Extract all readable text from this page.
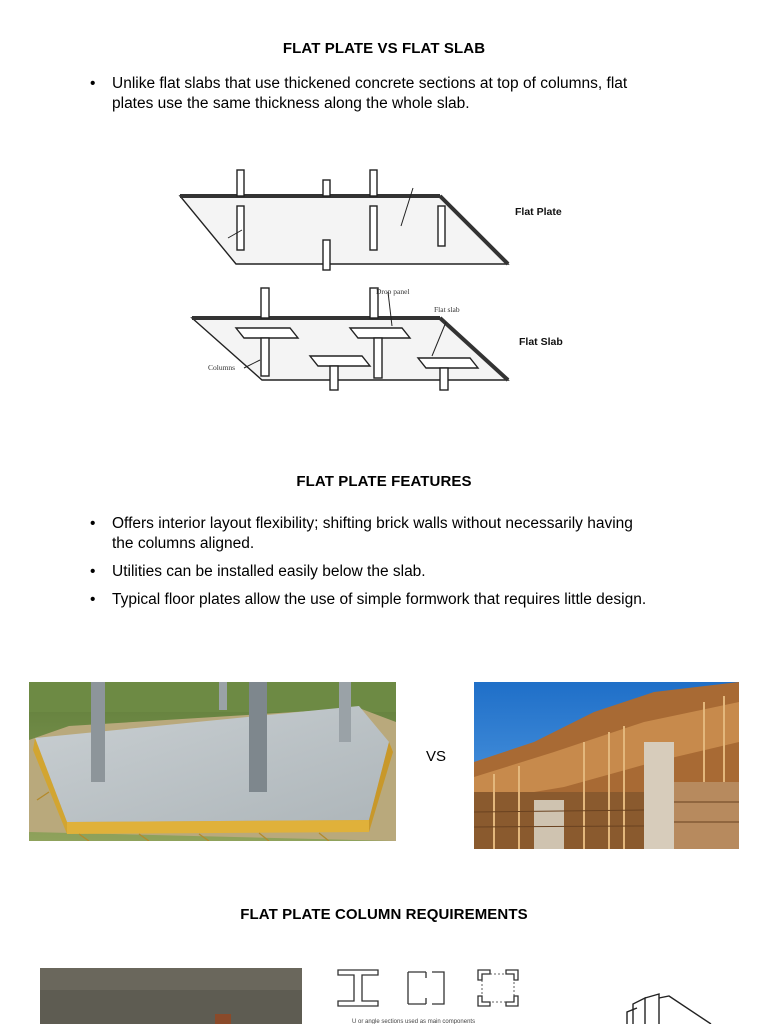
FLAT PLATE VS FLAT SLAB
• Unlike flat slabs that use thickened concrete sections at top of columns, flat plates use the same thickness along the whole slab.
Flat Plate
Flat Slab
Drop panel
Flat slab
Columns
FLAT PLATE FEATURES
• Offers interior layout flexibility; shifting brick walls without necessarily having the columns aligned.
• Utilities can be installed easily below the slab.
• Typical floor plates allow the use of simple formwork that requires little design.
VS
FLAT PLATE COLUMN REQUIREMENTS
U or angle sections used as main components
